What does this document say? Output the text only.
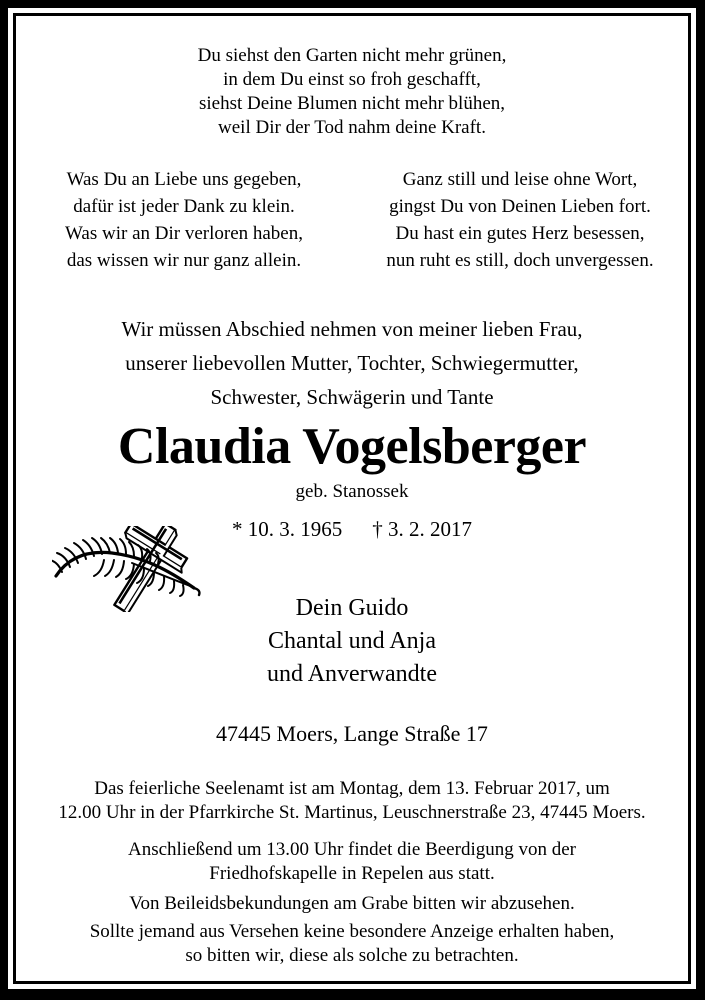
Du siehst den Garten nicht mehr grünen,

in dem Du einst so froh geschafft,

siehst Deine Blumen nicht mehr blühen,

weil Dir der Tod nahm deine Kraft.

Was Du an Liebe uns gegeben,

dafür ist jeder Dank zu klein.

Was wir an Dir verloren haben,

das wissen wir nur ganz allein.

Ganz still und leise ohne Wort,

gingst Du von Deinen Lieben fort.

Du hast ein gutes Herz besessen,

nun ruht es still, doch unvergessen.

Wir müssen Abschied nehmen von meiner lieben Frau,

unserer liebevollen Mutter, Tochter, Schwiegermutter,

Schwester, Schwägerin und Tante

Claudia Vogelsberger

geb. Stanossek

* 10. 3. 1965 † 3. 2. 2017

Dein Guido

Chantal und Anja

und Anverwandte

47445 Moers, Lange Straße 17

Das feierliche Seelenamt ist am Montag, dem 13. Februar 2017, um

12.00 Uhr in der Pfarrkirche St. Martinus, Leuschnerstraße 23, 47445 Moers.

Anschließend um 13.00 Uhr findet die Beerdigung von der

Friedhofskapelle in Repelen aus statt.

Von Beileidsbekundungen am Grabe bitten wir abzusehen.

Sollte jemand aus Versehen keine besondere Anzeige erhalten haben,

so bitten wir, diese als solche zu betrachten.
